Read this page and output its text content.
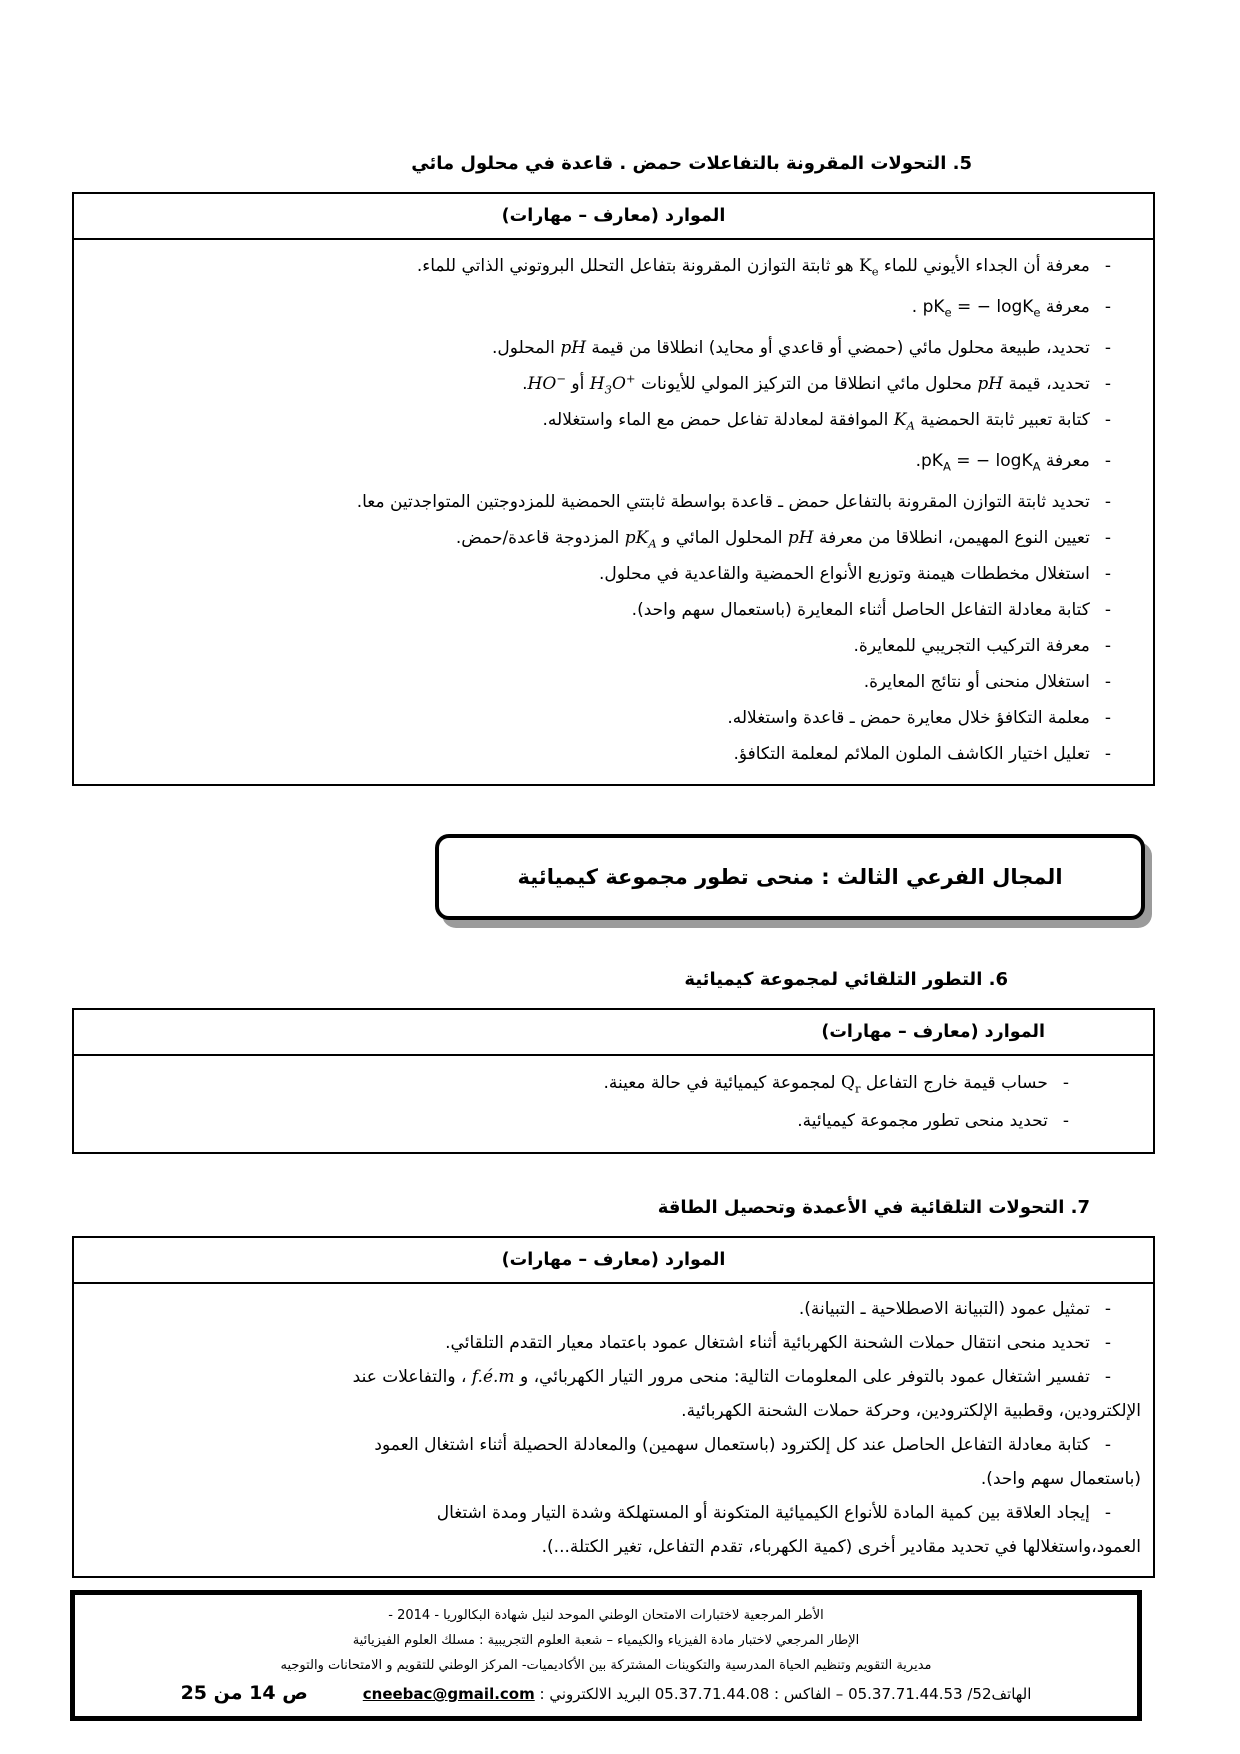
5. التحولات المقرونة بالتفاعلات حمض . قاعدة في محلول مائي
الموارد (معارف – مهارات)
-معرفة أن الجداء الأيوني للماء $K_e$ هو ثابتة التوازن المقرونة بتفاعل التحلل البروتوني الذاتي للماء.
-معرفة $pK_e$ = − logK$_e$ .
-تحديد، طبيعة محلول مائي (حمضي أو قاعدي أو محايد) انطلاقا من قيمة pH المحلول.
-تحديد، قيمة pH محلول مائي انطلاقا من التركيز المولي للأيونات $H_3O^+$ أو HO−.
-كتابة تعبير ثابتة الحمضية $K_A$ الموافقة لمعادلة تفاعل حمض مع الماء واستغلاله.
-معرفة $pK_A$ = − logK$_A$.
-تحديد ثابتة التوازن المقرونة بالتفاعل حمض ـ قاعدة بواسطة ثابتتي الحمضية للمزدوجتين المتواجدتين معا.
-تعيين النوع المهيمن، انطلاقا من معرفة pH المحلول المائي و $pK_A$ المزدوجة قاعدة/حمض.
-استغلال مخططات هيمنة وتوزيع الأنواع الحمضية والقاعدية في محلول.
-كتابة معادلة التفاعل الحاصل أثناء المعايرة (باستعمال سهم واحد).
-معرفة التركيب التجريبي للمعايرة.
-استغلال منحنى أو نتائج المعايرة.
-معلمة التكافؤ خلال معايرة حمض ـ قاعدة واستغلاله.
-تعليل اختيار الكاشف الملون الملائم لمعلمة التكافؤ.
المجال الفرعي الثالث : منحى تطور مجموعة كيميائية
6. التطور التلقائي لمجموعة كيميائية
الموارد (معارف – مهارات)
-حساب قيمة خارج التفاعل $Q_r$ لمجموعة كيميائية في حالة معينة.
-تحديد منحى تطور مجموعة كيميائية.
7. التحولات التلقائية في الأعمدة وتحصيل الطاقة
الموارد (معارف – مهارات)
-تمثيل عمود (التبيانة الاصطلاحية ـ التبيانة).
-تحديد منحى انتقال حملات الشحنة الكهربائية أثناء اشتغال عمود باعتماد معيار التقدم التلقائي.
-تفسير اشتغال عمود بالتوفر على المعلومات التالية: منحى مرور التيار الكهربائي، و f.é.m ، والتفاعلات عند
الإلكترودين، وقطبية الإلكترودين، وحركة حملات الشحنة الكهربائية.
-كتابة معادلة التفاعل الحاصل عند كل إلكترود (باستعمال سهمين) والمعادلة الحصيلة أثناء اشتغال العمود
(باستعمال سهم واحد).
-إيجاد العلاقة بين كمية المادة للأنواع الكيميائية المتكونة أو المستهلكة وشدة التيار ومدة اشتغال
العمود،واستغلالها في تحديد مقادير أخرى (كمية الكهرباء، تقدم التفاعل، تغير الكتلة...).
الأطر المرجعية لاختبارات الامتحان الوطني الموحد لنيل شهادة البكالوريا - 2014 -
الإطار المرجعي لاختبار مادة الفيزياء والكيمياء – شعبة العلوم التجريبية : مسلك العلوم الفيزيائية
مديرية التقويم وتنظيم الحياة المدرسية والتكوينات المشتركة بين الأكاديميات- المركز الوطني للتقويم و الامتحانات والتوجيه
الهاتف52/ 05.37.71.44.53 – الفاكس : 05.37.71.44.08 البريد الالكتروني : cneebac@gmail.com
ص 14 من 25
